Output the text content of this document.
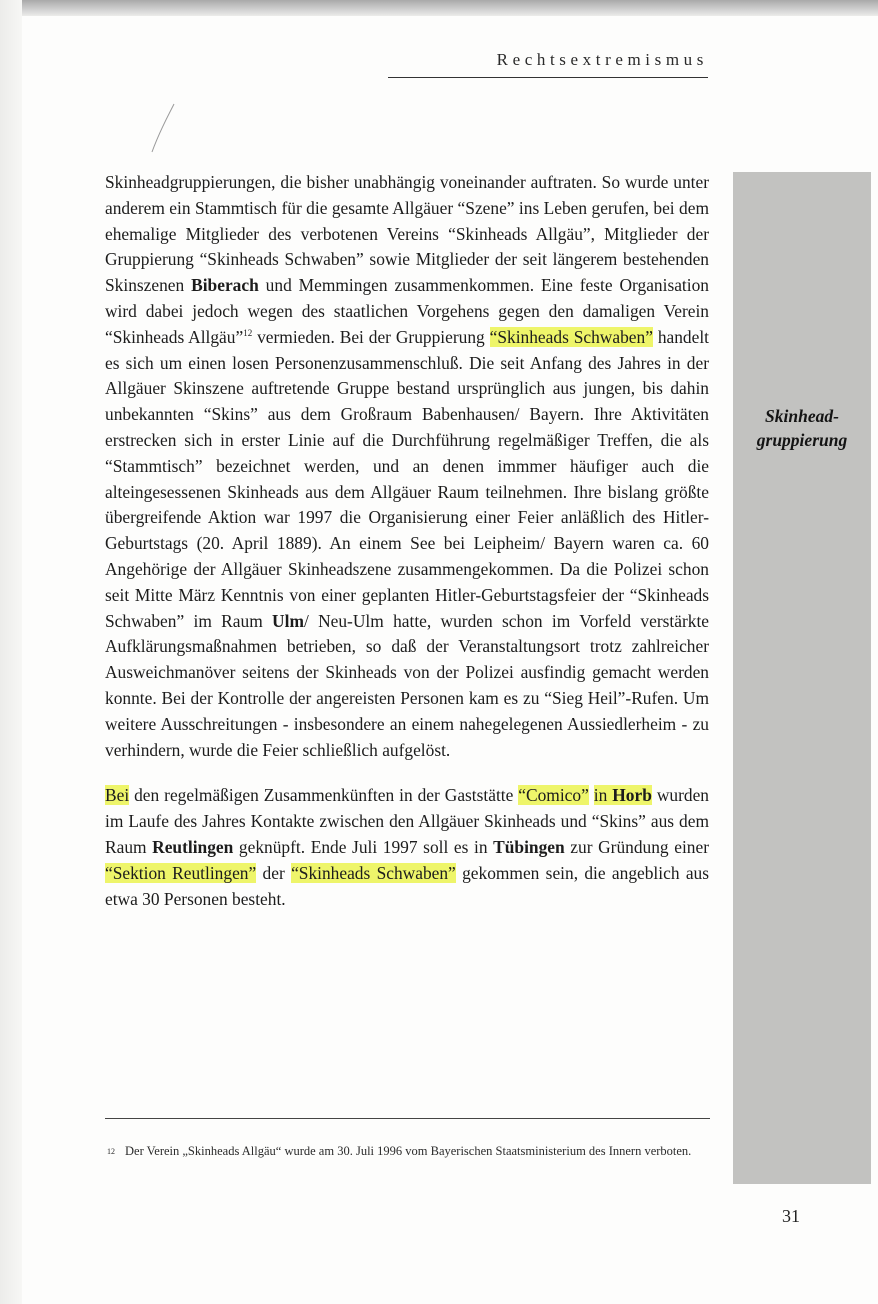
Rechtsextremismus
Skinhead-
gruppierung

Skinheadgruppierungen, die bisher unabhängig voneinander auftraten. So wurde unter anderem ein Stammtisch für die gesamte Allgäuer “Szene” ins Leben gerufen, bei dem ehemalige Mitglieder des verbotenen Vereins “Skinheads Allgäu”, Mitglieder der Gruppierung “Skinheads Schwaben” sowie Mitglieder der seit längerem bestehenden Skinszenen Biberach und Memmingen zusammenkommen. Eine feste Organisation wird dabei jedoch wegen des staatlichen Vorgehens gegen den damaligen Verein “Skinheads Allgäu”$^{12}$ vermieden. Bei der Gruppierung “Skinheads Schwaben” handelt es sich um einen losen Personenzusammenschluß. Die seit Anfang des Jahres in der Allgäuer Skinszene auftretende Gruppe bestand ursprünglich aus jungen, bis dahin unbekannten “Skins” aus dem Großraum Babenhausen/ Bayern. Ihre Aktivitäten erstrecken sich in erster Linie auf die Durchführung regelmäßiger Treffen, die als “Stammtisch” bezeichnet werden, und an denen immmer häufiger auch die alteingesessenen Skinheads aus dem Allgäuer Raum teilnehmen. Ihre bislang größte übergreifende Aktion war 1997 die Organisierung einer Feier anläßlich des Hitler-Geburtstags (20. April 1889). An einem See bei Leipheim/ Bayern waren ca. 60 Angehörige der Allgäuer Skinheadszene zusammengekommen. Da die Polizei schon seit Mitte März Kenntnis von einer geplanten Hitler-Geburtstagsfeier der “Skinheads Schwaben” im Raum Ulm/ Neu-Ulm hatte, wurden schon im Vorfeld verstärkte Aufklärungsmaßnahmen betrieben, so daß der Veranstaltungsort trotz zahlreicher Ausweichmanöver seitens der Skinheads von der Polizei ausfindig gemacht werden konnte. Bei der Kontrolle der angereisten Personen kam es zu “Sieg Heil”-Rufen. Um weitere Ausschreitungen - insbesondere an einem nahegelegenen Aussiedlerheim - zu verhindern, wurde die Feier schließlich aufgelöst.

Bei den regelmäßigen Zusammenkünften in der Gaststätte “Comico” in Horb wurden im Laufe des Jahres Kontakte zwischen den Allgäuer Skinheads und “Skins” aus dem Raum Reutlingen geknüpft. Ende Juli 1997 soll es in Tübingen zur Gründung einer “Sektion Reutlingen” der “Skinheads Schwaben” gekommen sein, die angeblich aus etwa 30 Personen besteht.

$^{12}$ Der Verein „Skinheads Allgäu“ wurde am 30. Juli 1996 vom Bayerischen Staatsministerium des Innern verboten.
31
